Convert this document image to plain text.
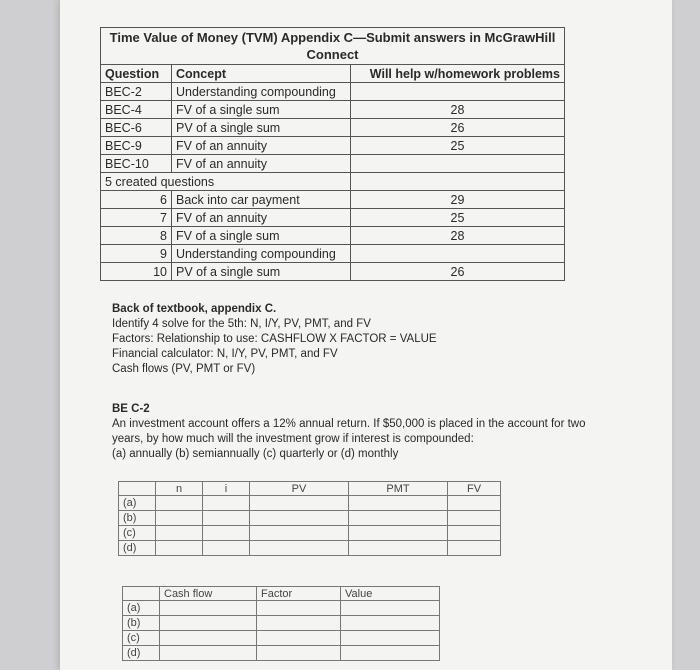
Time Value of Money (TVM) Appendix C—Submit answers in McGrawHill
Connect		
Question	Concept	Will help w/homework problems
BEC-2	Understanding compounding	
BEC-4	FV of a single sum	28
BEC-6	PV of a single sum	26
BEC-9	FV of an annuity	25
BEC-10	FV of an annuity	
5 created questions		
6	Back into car payment	29
7	FV of an annuity	25
8	FV of a single sum	28
9	Understanding compounding	
10	PV of a single sum	26
Back of textbook, appendix C.
Identify 4 solve for the 5th: N, I/Y, PV, PMT, and FV
Factors: Relationship to use: CASHFLOW X FACTOR = VALUE
Financial calculator: N, I/Y, PV, PMT, and FV
Cash flows (PV, PMT or FV)
BE C-2
An investment account offers a 12% annual return. If $50,000 is placed in the account for two
years, by how much will the investment grow if interest is compounded:
(a) annually (b) semiannually (c) quarterly or (d) monthly
	n	i	PV	PMT	FV
(a)					
(b)					
(c)					
(d)					
	Cash flow	Factor	Value
(a)			
(b)			
(c)			
(d)			
